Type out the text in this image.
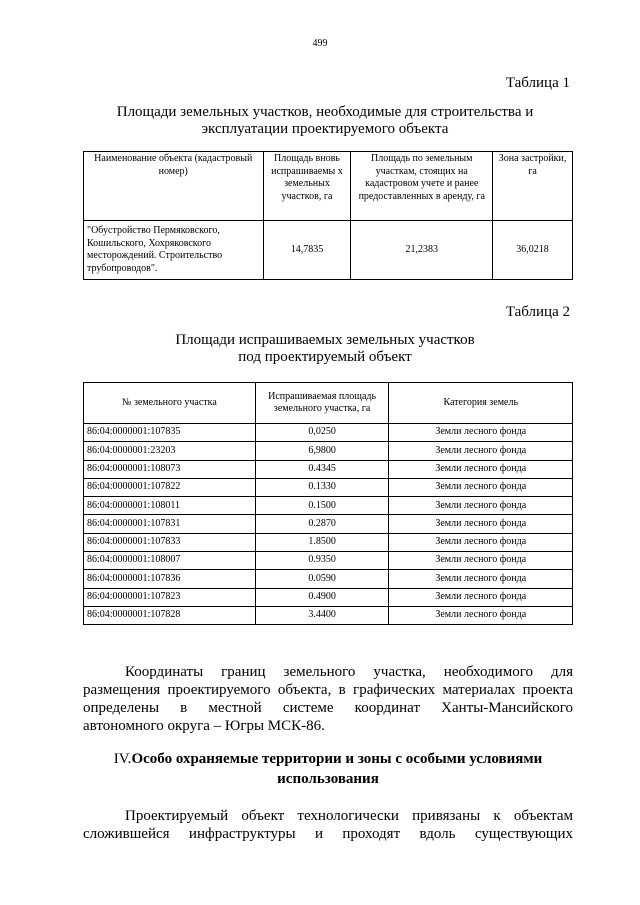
499
Таблица 1
Площади земельных участков, необходимые для строительства и
эксплуатации проектируемого объекта
Наименование объекта (кадастровый номер)	Площадь вновь испрашиваемы х земельных участков, га	Площадь по земельным участкам, стоящих на кадастровом учете и ранее предоставленных в аренду, га	Зона застройки, га
"Обустройство Пермяковского, Кошильского, Хохряковского месторождений. Строительство трубопроводов".	14,7835	21,2383	36,0218
Таблица 2
Площади испрашиваемых земельных участков
под проектируемый объект
№ земельного участка	Испрашиваемая площадь земельного участка, га	Категория земель
86:04:0000001:107835	0,0250	Земли лесного фонда
86:04:0000001:23203	6,9800	Земли лесного фонда
86:04:0000001:108073	0.4345	Земли лесного фонда
86:04:0000001:107822	0.1330	Земли лесного фонда
86:04:0000001:108011	0.1500	Земли лесного фонда
86:04:0000001:107831	0.2870	Земли лесного фонда
86:04:0000001:107833	1.8500	Земли лесного фонда
86:04:0000001:108007	0.9350	Земли лесного фонда
86:04:0000001:107836	0.0590	Земли лесного фонда
86:04:0000001:107823	0.4900	Земли лесного фонда
86:04:0000001:107828	3.4400	Земли лесного фонда
Координаты границ земельного участка, необходимого для
размещения проектируемого объекта, в графических материалах проекта
определены в местной системе координат Ханты-Мансийского
автономного округа – Югры МСК-86.
IV.Особо охраняемые территории и зоны с особыми условиями
использования
Проектируемый объект технологически привязаны к объектам
сложившейся инфраструктуры и проходят вдоль существующих
